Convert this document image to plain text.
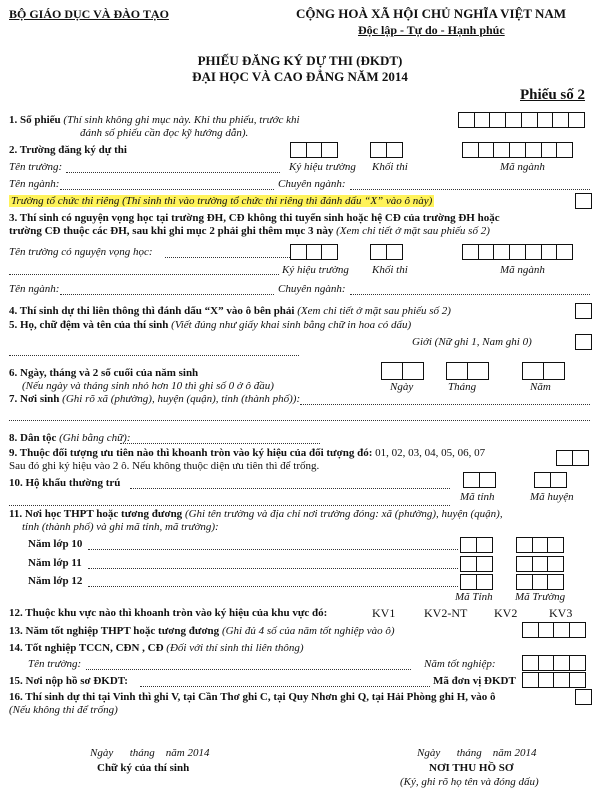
BỘ GIÁO DỤC VÀ ĐÀO TẠO	CỘNG HOÀ XÃ HỘI CHỦ NGHĨA VIỆT NAM
Độc lập - Tự do - Hạnh phúc
PHIẾU ĐĂNG KÝ DỰ THI (ĐKDT)
ĐẠI HỌC VÀ CAO ĐẲNG NĂM 2014
Phiếu số 2
1. Số phiếu (Thí sinh không ghi mục này. Khi thu phiếu, trước khi
đánh số phiếu cần đọc kỹ hướng dẫn).
2. Trường đăng ký dự thi
Tên trường:	Ký hiệu trường Khối thi	Mã ngành
Tên ngành:	Chuyên ngành:
Trường tổ chức thi riêng (Thí sinh thi vào trường tổ chức thi riêng thì đánh dấu “X” vào ô này)
3. Thí sinh có nguyện vọng học tại trường ĐH, CĐ không thi tuyển sinh hoặc hệ CĐ của trường ĐH hoặc
trường CĐ thuộc các ĐH, sau khi ghi mục 2 phải ghi thêm mục 3 này (Xem chi tiết ở mặt sau phiếu số 2)
Tên trường có nguyện vọng học:
Ký hiệu trường Khối thi	Mã ngành
Tên ngành:	Chuyên ngành:
4. Thí sinh dự thi liên thông thì đánh dấu “X” vào ô bên phải (Xem chi tiết ở mặt sau phiếu số 2)
5. Họ, chữ đệm và tên của thí sinh (Viết đúng như giấy khai sinh bằng chữ in hoa có dấu)
Giới (Nữ ghi 1, Nam ghi 0)
6. Ngày, tháng và 2 số cuối của năm sinh
(Nếu ngày và tháng sinh nhỏ hơn 10 thì ghi số 0 ở ô đầu)	Ngày	Tháng	Năm
7. Nơi sinh (Ghi rõ xã (phường), huyện (quận), tỉnh (thành phố)):
8. Dân tộc (Ghi bằng chữ):
9. Thuộc đối tượng ưu tiên nào thì khoanh tròn vào ký hiệu của đối tượng đó: 01, 02, 03, 04, 05, 06, 07
Sau đó ghi ký hiệu vào 2 ô. Nếu không thuộc diện ưu tiên thì để trống.
10. Hộ khẩu thường trú
Mã tỉnh	Mã huyện
11. Nơi học THPT hoặc tương đương (Ghi tên trường và địa chỉ nơi trường đóng: xã (phường), huyện (quận),
tỉnh (thành phố) và ghi mã tỉnh, mã trường):
Năm lớp 10
Năm lớp 11
Năm lớp 12
Mã Tỉnh Mã Trường
12. Thuộc khu vực nào thì khoanh tròn vào ký hiệu của khu vực đó:	KV1 KV2-NT KV2	KV3
13. Năm tốt nghiệp THPT hoặc tương đương (Ghi đủ 4 số của năm tốt nghiệp vào ô)
14. Tốt nghiệp TCCN, CĐN , CĐ (Đối với thí sinh thi liên thông)
Tên trường:	Năm tốt nghiệp:
15. Nơi nộp hồ sơ ĐKDT:	Mã đơn vị ĐKDT
16. Thí sinh dự thi tại Vinh thì ghi V, tại Cần Thơ ghi C, tại Quy Nhơn ghi Q, tại Hải Phòng ghi H, vào ô
(Nếu không thi để trống)
Ngày      tháng    năm 2014
Chữ ký của thí sinh
Ngày      tháng    năm 2014
NƠI THU HỒ SƠ
(Ký, ghi rõ họ tên và đóng dấu)
